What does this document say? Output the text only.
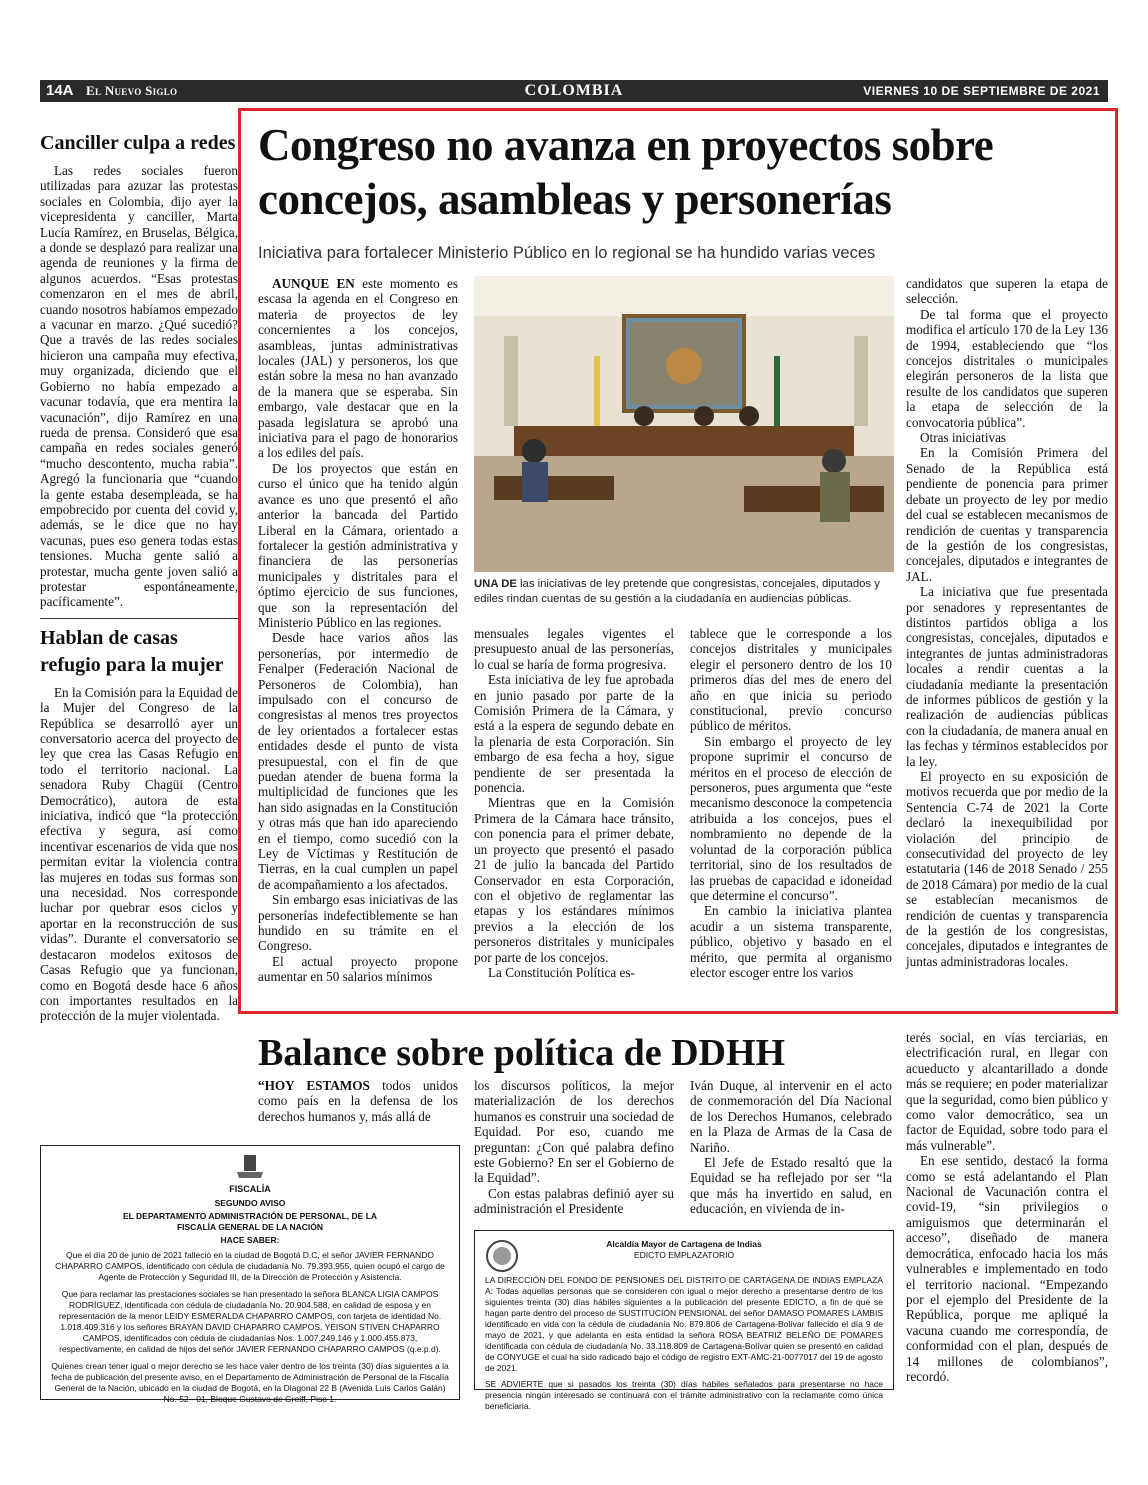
14A El Nuevo Siglo	COLOMBIA	VIERNES 10 DE SEPTIEMBRE DE 2021
Canciller culpa a redes

Las redes sociales fueron utilizadas para azuzar las protestas sociales en Colombia, dijo ayer la vicepresidenta y canciller, Marta Lucía Ramírez, en Bruselas, Bélgica, a donde se desplazó para realizar una agenda de reuniones y la firma de algunos acuerdos. “Esas protestas comenzaron en el mes de abril, cuando nosotros habíamos empezado a vacunar en marzo. ¿Qué sucedió? Que a través de las redes sociales hicieron una campaña muy efectiva, muy organizada, diciendo que el Gobierno no había empezado a vacunar todavía, que era mentira la vacunación”, dijo Ramírez en una rueda de prensa. Consideró que esa campaña en redes sociales generó “mucho descontento, mucha rabia”. Agregó la funcionaria que “cuando la gente estaba desempleada, se ha empobrecido por cuenta del covid y, además, se le dice que no hay vacunas, pues eso genera todas estas tensiones. Mucha gente salió a protestar, mucha gente joven salió a protestar espontáneamente, pacíficamente”.

Hablan de casas refugio para la mujer

En la Comisión para la Equidad de la Mujer del Congreso de la República se desarrolló ayer un conversatorio acerca del proyecto de ley que crea las Casas Refugio en todo el territorio nacional. La senadora Ruby Chagüi (Centro Democrático), autora de esta iniciativa, indicó que “la protección efectiva y segura, así como incentivar escenarios de vida que nos permitan evitar la violencia contra las mujeres en todas sus formas son una necesidad. Nos corresponde luchar por quebrar esos ciclos y aportar en la reconstrucción de sus vidas”. Durante el conversatorio se destacaron modelos exitosos de Casas Refugio que ya funcionan, como en Bogotá desde hace 6 años con importantes resultados en la protección de la mujer violentada.

Congreso no avanza en proyectos sobre concejos, asambleas y personerías
Iniciativa para fortalecer Ministerio Público en lo regional se ha hundido varias veces

AUNQUE EN este momento es escasa la agenda en el Congreso en materia de proyectos de ley concernientes a los concejos, asambleas, juntas administrativas locales (JAL) y personeros, los que están sobre la mesa no han avanzado de la manera que se esperaba. Sin embargo, vale destacar que en la pasada legislatura se aprobó una iniciativa para el pago de honorarios a los ediles del país.

De los proyectos que están en curso el único que ha tenido algún avance es uno que presentó el año anterior la bancada del Partido Liberal en la Cámara, orientado a fortalecer la gestión administrativa y financiera de las personerías municipales y distritales para el óptimo ejercicio de sus funciones, que son la representación del Ministerio Público en las regiones.

Desde hace varios años las personerías, por intermedio de Fenalper (Federación Nacional de Personeros de Colombia), han impulsado con el concurso de congresistas al menos tres proyectos de ley orientados a fortalecer estas entidades desde el punto de vista presupuestal, con el fin de que puedan atender de buena forma la multiplicidad de funciones que les han sido asignadas en la Constitución y otras más que han ido apareciendo en el tiempo, como sucedió con la Ley de Víctimas y Restitución de Tierras, en la cual cumplen un papel de acompañamiento a los afectados.

Sin embargo esas iniciativas de las personerías indefectiblemente se han hundido en su trámite en el Congreso.

El actual proyecto propone aumentar en 50 salarios mínimos

UNA DE las iniciativas de ley pretende que congresistas, concejales, diputados y ediles rindan cuentas de su gestión a la ciudadanía en audiencias públicas.

mensuales legales vigentes el presupuesto anual de las personerías, lo cual se haría de forma progresiva.

Esta iniciativa de ley fue aprobada en junio pasado por parte de la Comisión Primera de la Cámara, y está a la espera de segundo debate en la plenaria de esta Corporación. Sin embargo de esa fecha a hoy, sigue pendiente de ser presentada la ponencia.

Mientras que en la Comisión Primera de la Cámara hace tránsito, con ponencia para el primer debate, un proyecto que presentó el pasado 21 de julio la bancada del Partido Conservador en esta Corporación, con el objetivo de reglamentar las etapas y los estándares mínimos previos a la elección de los personeros distritales y municipales por parte de los concejos.

La Constitución Política es-

tablece que le corresponde a los concejos distritales y municipales elegir el personero dentro de los 10 primeros días del mes de enero del año en que inicia su periodo constitucional, previo concurso público de méritos.

Sin embargo el proyecto de ley propone suprimir el concurso de méritos en el proceso de elección de personeros, pues argumenta que “este mecanismo desconoce la competencia atribuida a los concejos, pues el nombramiento no depende de la voluntad de la corporación pública territorial, sino de los resultados de las pruebas de capacidad e idoneidad que determine el concurso”.

En cambio la iniciativa plantea acudir a un sistema transparente, público, objetivo y basado en el mérito, que permita al organismo elector escoger entre los varios

candidatos que superen la etapa de selección.

De tal forma que el proyecto modifica el artículo 170 de la Ley 136 de 1994, estableciendo que “los concejos distritales o municipales elegirán personeros de la lista que resulte de los candidatos que superen la etapa de selección de la convocatoria pública”.

Otras iniciativas

En la Comisión Primera del Senado de la República está pendiente de ponencia para primer debate un proyecto de ley por medio del cual se establecen mecanismos de rendición de cuentas y transparencia de la gestión de los congresistas, concejales, diputados e integrantes de JAL.

La iniciativa que fue presentada por senadores y representantes de distintos partidos obliga a los congresistas, concejales, diputados e integrantes de juntas administradoras locales a rendir cuentas a la ciudadanía mediante la presentación de informes públicos de gestión y la realización de audiencias públicas con la ciudadanía, de manera anual en las fechas y términos establecidos por la ley.

El proyecto en su exposición de motivos recuerda que por medio de la Sentencia C-74 de 2021 la Corte declaró la inexequibilidad por violación del principio de consecutividad del proyecto de ley estatutaria (146 de 2018 Senado / 255 de 2018 Cámara) por medio de la cual se establecían mecanismos de rendición de cuentas y transparencia de la gestión de los congresistas, concejales, diputados e integrantes de juntas administradoras locales.

Balance sobre política de DDHH

“HOY ESTAMOS todos unidos como país en la defensa de los derechos humanos y, más allá de

los discursos políticos, la mejor materialización de los derechos humanos es construir una sociedad de Equidad. Por eso, cuando me preguntan: ¿Con qué palabra defino este Gobierno? En ser el Gobierno de la Equidad”.

Con estas palabras definió ayer su administración el Presidente

Iván Duque, al intervenir en el acto de conmemoración del Día Nacional de los Derechos Humanos, celebrado en la Plaza de Armas de la Casa de Nariño.

El Jefe de Estado resaltó que la Equidad se ha reflejado por ser “la que más ha invertido en salud, en educación, en vivienda de in-

terés social, en vías terciarias, en electrificación rural, en llegar con acueducto y alcantarillado a donde más se requiere; en poder materializar que la seguridad, como bien público y como valor democrático, sea un factor de Equidad, sobre todo para el más vulnerable”.

En ese sentido, destacó la forma como se está adelantando el Plan Nacional de Vacunación contra el covid-19, “sin privilegios o amiguismos que determinarán el acceso”, diseñado de manera democrática, enfocado hacia los más vulnerables e implementado en todo el territorio nacional. “Empezando por el ejemplo del Presidente de la República, porque me apliqué la vacuna cuando me correspondía, de conformidad con el plan, después de 14 millones de colombianos”, recordó.

FISCALÍA
SEGUNDO AVISO
EL DEPARTAMENTO ADMINISTRACIÓN DE PERSONAL, DE LA FISCALÍA GENERAL DE LA NACIÓN
HACE SABER:
Que el día 20 de junio de 2021 falleció en la ciudad de Bogotá D.C, el señor JAVIER FERNANDO CHAPARRO CAMPOS, identificado con cédula de ciudadanía No. 79.393.955, quien ocupó el cargo de Agente de Protección y Seguridad III, de la Dirección de Protección y Asistencia.
Que para reclamar las prestaciones sociales se han presentado la señora BLANCA LIGIA CAMPOS RODRÍGUEZ, identificada con cédula de ciudadanía No. 20.904.588, en calidad de esposa y en representación de la menor LEIDY ESMERALDA CHAPARRO CAMPOS, con tarjeta de identidad No. 1.018.409.316 y los señores BRAYAN DAVID CHAPARRO CAMPOS, YEISON STIVEN CHAPARRO CAMPOS, identificados con cédula de ciudadanías Nos. 1.007.249.146 y 1.000.455.873, respectivamente, en calidad de hijos del señor JAVIER FERNANDO CHAPARRO CAMPOS (q.e.p.d).
Quienes crean tener igual o mejor derecho se les hace valer dentro de los treinta (30) días siguientes a la fecha de publicación del presente aviso, en el Departamento de Administración de Personal de la Fiscalía General de la Nación, ubicado en la ciudad de Bogotá, en la Diagonal 22 B (Avenida Luis Carlos Galán) No. 52 - 01, Bloque Gustavo de Greiff, Piso 1.
Alcaldía Mayor de Cartagena de Indias
EDICTO EMPLAZATORIO
LA DIRECCIÓN DEL FONDO DE PENSIONES DEL DISTRITO DE CARTAGENA DE INDIAS EMPLAZA A: Todas aquellas personas que se consideren con igual o mejor derecho a presentarse dentro de los siguientes treinta (30) días hábiles siguientes a la publicación del presente EDICTO, a fin de que se hagan parte dentro del proceso de SUSTITUCIÓN PENSIONAL del señor DAMASO POMARES LAMBIS identificado en vida con la cédula de ciudadanía No. 879.806 de Cartagena-Bolívar fallecido el día 9 de mayo de 2021, y que adelanta en esta entidad la señora ROSA BEATRIZ BELEÑO DE POMARES identificada con cédula de ciudadanía No. 33.118.809 de Cartagena-Bolívar quien se presentó en calidad de CONYUGE el cual ha sido radicado bajo el código de registro EXT-AMC-21-0077017 del 19 de agosto de 2021.
SE ADVIERTE que si pasados los treinta (30) días hábiles señalados para presentarse no hace presencia ningún interesado se continuará con el trámite administrativo con la reclamante como única beneficiaria.
